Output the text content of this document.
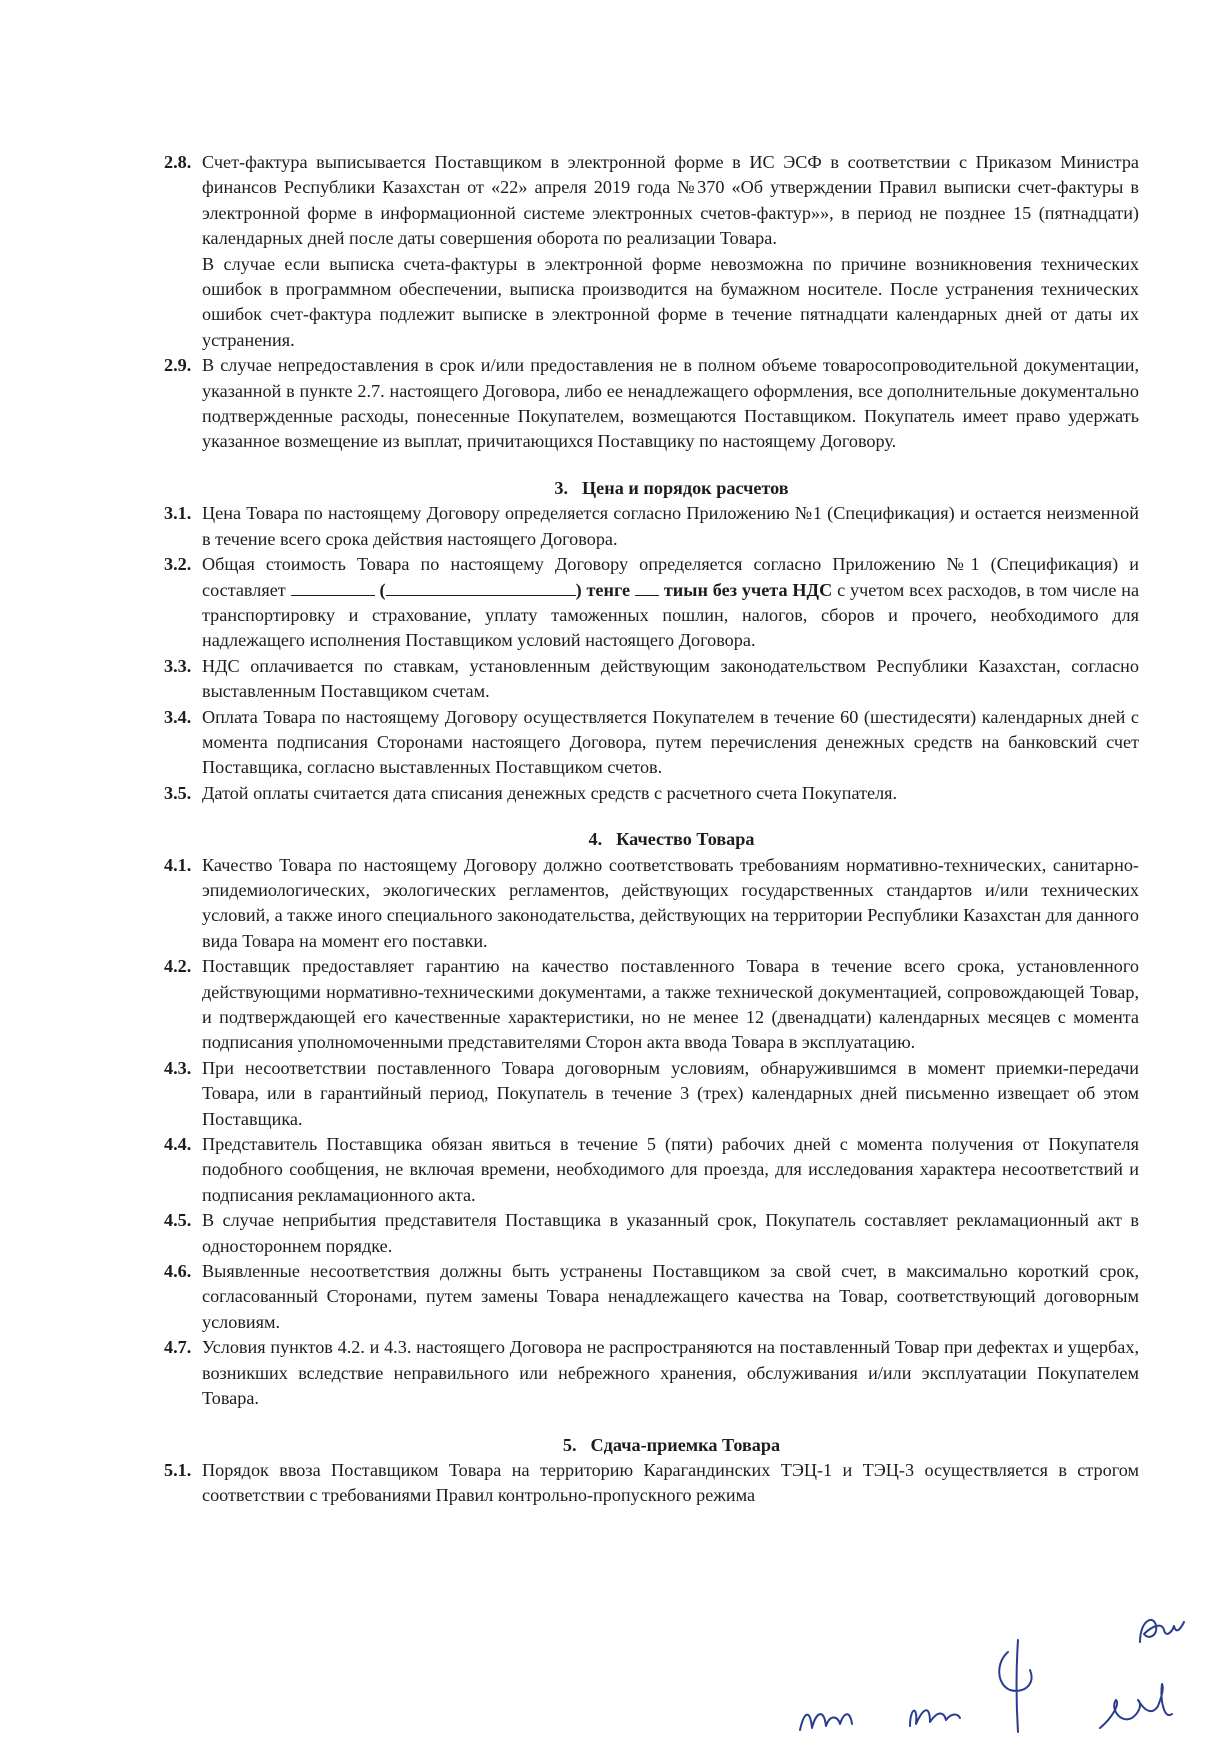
2.8. Счет-фактура выписывается Поставщиком в электронной форме в ИС ЭСФ в соответствии с Приказом Министра финансов Республики Казахстан от «22» апреля 2019 года №370 «Об утверждении Правил выписки счет-фактуры в электронной форме в информационной системе электронных счетов-фактур»», в период не позднее 15 (пятнадцати) календарных дней после даты совершения оборота по реализации Товара.
В случае если выписка счета-фактуры в электронной форме невозможна по причине возникновения технических ошибок в программном обеспечении, выписка производится на бумажном носителе. После устранения технических ошибок счет-фактура подлежит выписке в электронной форме в течение пятнадцати календарных дней от даты их устранения.
2.9. В случае непредоставления в срок и/или предоставления не в полном объеме товаросопроводительной документации, указанной в пункте 2.7. настоящего Договора, либо ее ненадлежащего оформления, все дополнительные документально подтвержденные расходы, понесенные Покупателем, возмещаются Поставщиком. Покупатель имеет право удержать указанное возмещение из выплат, причитающихся Поставщику по настоящему Договору.
3. Цена и порядок расчетов
3.1. Цена Товара по настоящему Договору определяется согласно Приложению №1 (Спецификация) и остается неизменной в течение всего срока действия настоящего Договора.
3.2. Общая стоимость Товара по настоящему Договору определяется согласно Приложению №1 (Спецификация) и составляет	(	) тенге тиын без учета НДС с учетом всех расходов, в том числе на транспортировку и страхование, уплату таможенных пошлин, налогов, сборов и прочего, необходимого для надлежащего исполнения Поставщиком условий настоящего Договора.
3.3. НДС оплачивается по ставкам, установленным действующим законодательством Республики Казахстан, согласно выставленным Поставщиком счетам.
3.4. Оплата Товара по настоящему Договору осуществляется Покупателем в течение 60 (шестидесяти) календарных дней с момента подписания Сторонами настоящего Договора, путем перечисления денежных средств на банковский счет Поставщика, согласно выставленных Поставщиком счетов.
3.5. Датой оплаты считается дата списания денежных средств с расчетного счета Покупателя.
4. Качество Товара
4.1. Качество Товара по настоящему Договору должно соответствовать требованиям нормативно-технических, санитарно-эпидемиологических, экологических регламентов, действующих государственных стандартов и/или технических условий, а также иного специального законодательства, действующих на территории Республики Казахстан для данного вида Товара на момент его поставки.
4.2. Поставщик предоставляет гарантию на качество поставленного Товара в течение всего срока, установленного действующими нормативно-техническими документами, а также технической документацией, сопровождающей Товар, и подтверждающей его качественные характеристики, но не менее 12 (двенадцати) календарных месяцев с момента подписания уполномоченными представителями Сторон акта ввода Товара в эксплуатацию.
4.3. При несоответствии поставленного Товара договорным условиям, обнаружившимся в момент приемки-передачи Товара, или в гарантийный период, Покупатель в течение 3 (трех) календарных дней письменно извещает об этом Поставщика.
4.4. Представитель Поставщика обязан явиться в течение 5 (пяти) рабочих дней с момента получения от Покупателя подобного сообщения, не включая времени, необходимого для проезда, для исследования характера несоответствий и подписания рекламационного акта.
4.5. В случае неприбытия представителя Поставщика в указанный срок, Покупатель составляет рекламационный акт в одностороннем порядке.
4.6. Выявленные несоответствия должны быть устранены Поставщиком за свой счет, в максимально короткий срок, согласованный Сторонами, путем замены Товара ненадлежащего качества на Товар, соответствующий договорным условиям.
4.7. Условия пунктов 4.2. и 4.3. настоящего Договора не распространяются на поставленный Товар при дефектах и ущербах, возникших вследствие неправильного или небрежного хранения, обслуживания и/или эксплуатации Покупателем Товара.
5. Сдача-приемка Товара
5.1. Порядок ввоза Поставщиком Товара на территорию Карагандинских ТЭЦ-1 и ТЭЦ-3 осуществляется в строгом соответствии с требованиями Правил контрольно-пропускного режима
